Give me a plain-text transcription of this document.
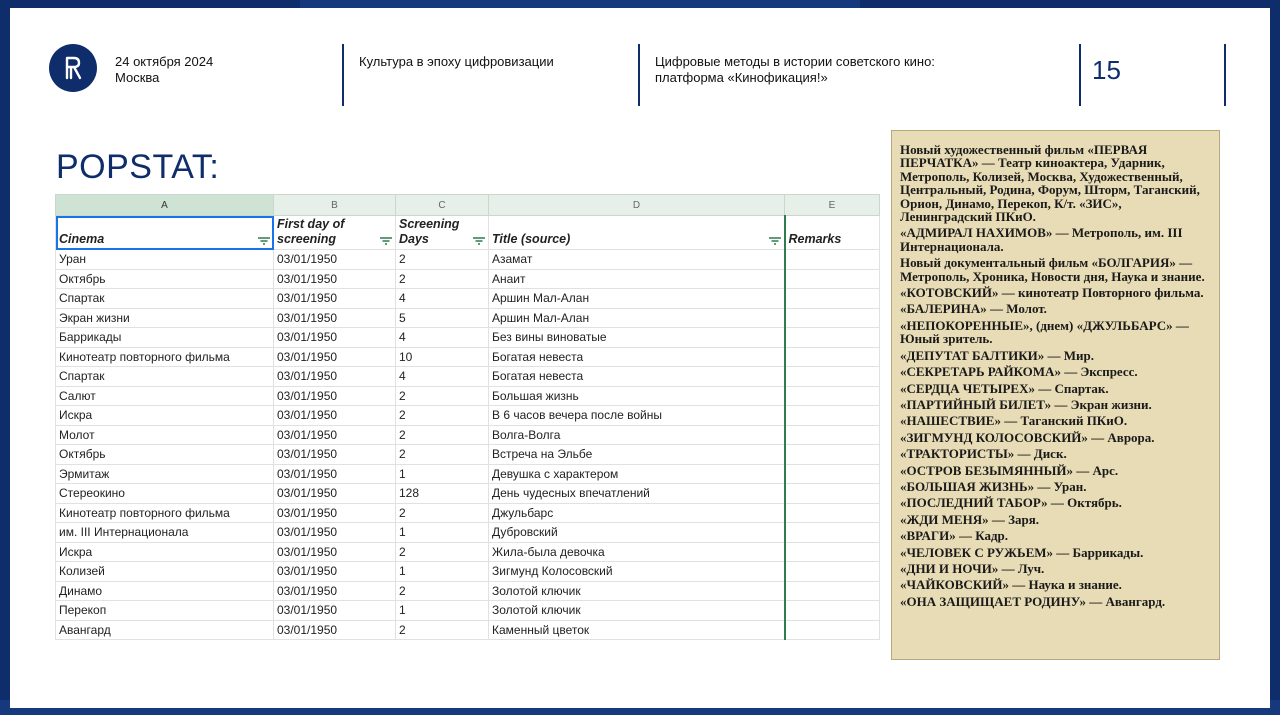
24 октября 2024
Москва
Культура в эпоху цифровизации	Цифровые методы в истории советского кино:
платформа «Кинофикация!»	15
POPSTAT:
A	B	C	D	E
Cinema	First day of screening	Screening Days	Title (source)	Remarks
Уран	03/01/1950	2	Азамат	
Октябрь	03/01/1950	2	Анаит	
Спартак	03/01/1950	4	Аршин Мал-Алан	
Экран жизни	03/01/1950	5	Аршин Мал-Алан	
Баррикады	03/01/1950	4	Без вины виноватые	
Кинотеатр повторного фильма	03/01/1950	10	Богатая невеста	
Спартак	03/01/1950	4	Богатая невеста	
Салют	03/01/1950	2	Большая жизнь	
Искра	03/01/1950	2	В 6 часов вечера после войны	
Молот	03/01/1950	2	Волга-Волга	
Октябрь	03/01/1950	2	Встреча на Эльбе	
Эрмитаж	03/01/1950	1	Девушка с характером	
Стереокино	03/01/1950	128	День чудесных впечатлений	
Кинотеатр повторного фильма	03/01/1950	2	Джульбарс	
им. III Интернационала	03/01/1950	1	Дубровский	
Искра	03/01/1950	2	Жила-была девочка	
Колизей	03/01/1950	1	Зигмунд Колосовский	
Динамо	03/01/1950	2	Золотой ключик	
Перекоп	03/01/1950	1	Золотой ключик	
Авангард	03/01/1950	2	Каменный цветок	
Новый художественный фильм «ПЕРВАЯ ПЕРЧАТКА» — Театр киноактера, Ударник, Метрополь, Колизей, Москва, Художественный, Центральный, Родина, Форум, Шторм, Таганский, Орион, Динамо, Перекоп, К/т. «ЗИС», Ленинградский ПКиО.
«АДМИРАЛ НАХИМОВ» — Метрополь, им. III Интернационала.
Новый документальный фильм «БОЛГАРИЯ» — Метрополь, Хроника, Новости дня, Наука и знание.
«КОТОВСКИЙ» — кинотеатр Повторного фильма.
«БАЛЕРИНА» — Молот.
«НЕПОКОРЕННЫЕ», (днем) «ДЖУЛЬБАРС» — Юный зритель.
«ДЕПУТАТ БАЛТИКИ» — Мир.
«СЕКРЕТАРЬ РАЙКОМА» — Экспресс.
«СЕРДЦА ЧЕТЫРЕХ» — Спартак.
«ПАРТИЙНЫЙ БИЛЕТ» — Экран жизни.
«НАШЕСТВИЕ» — Таганский ПКиО.
«ЗИГМУНД КОЛОСОВСКИЙ» — Аврора.
«ТРАКТОРИСТЫ» — Диск.
«ОСТРОВ БЕЗЫМЯННЫЙ» — Арс.
«БОЛЬШАЯ ЖИЗНЬ» — Уран.
«ПОСЛЕДНИЙ ТАБОР» — Октябрь.
«ЖДИ МЕНЯ» — Заря.
«ВРАГИ» — Кадр.
«ЧЕЛОВЕК С РУЖЬЕМ» — Баррикады.
«ДНИ И НОЧИ» — Луч.
«ЧАЙКОВСКИЙ» — Наука и знание.
«ОНА ЗАЩИЩАЕТ РОДИНУ» — Авангард.
